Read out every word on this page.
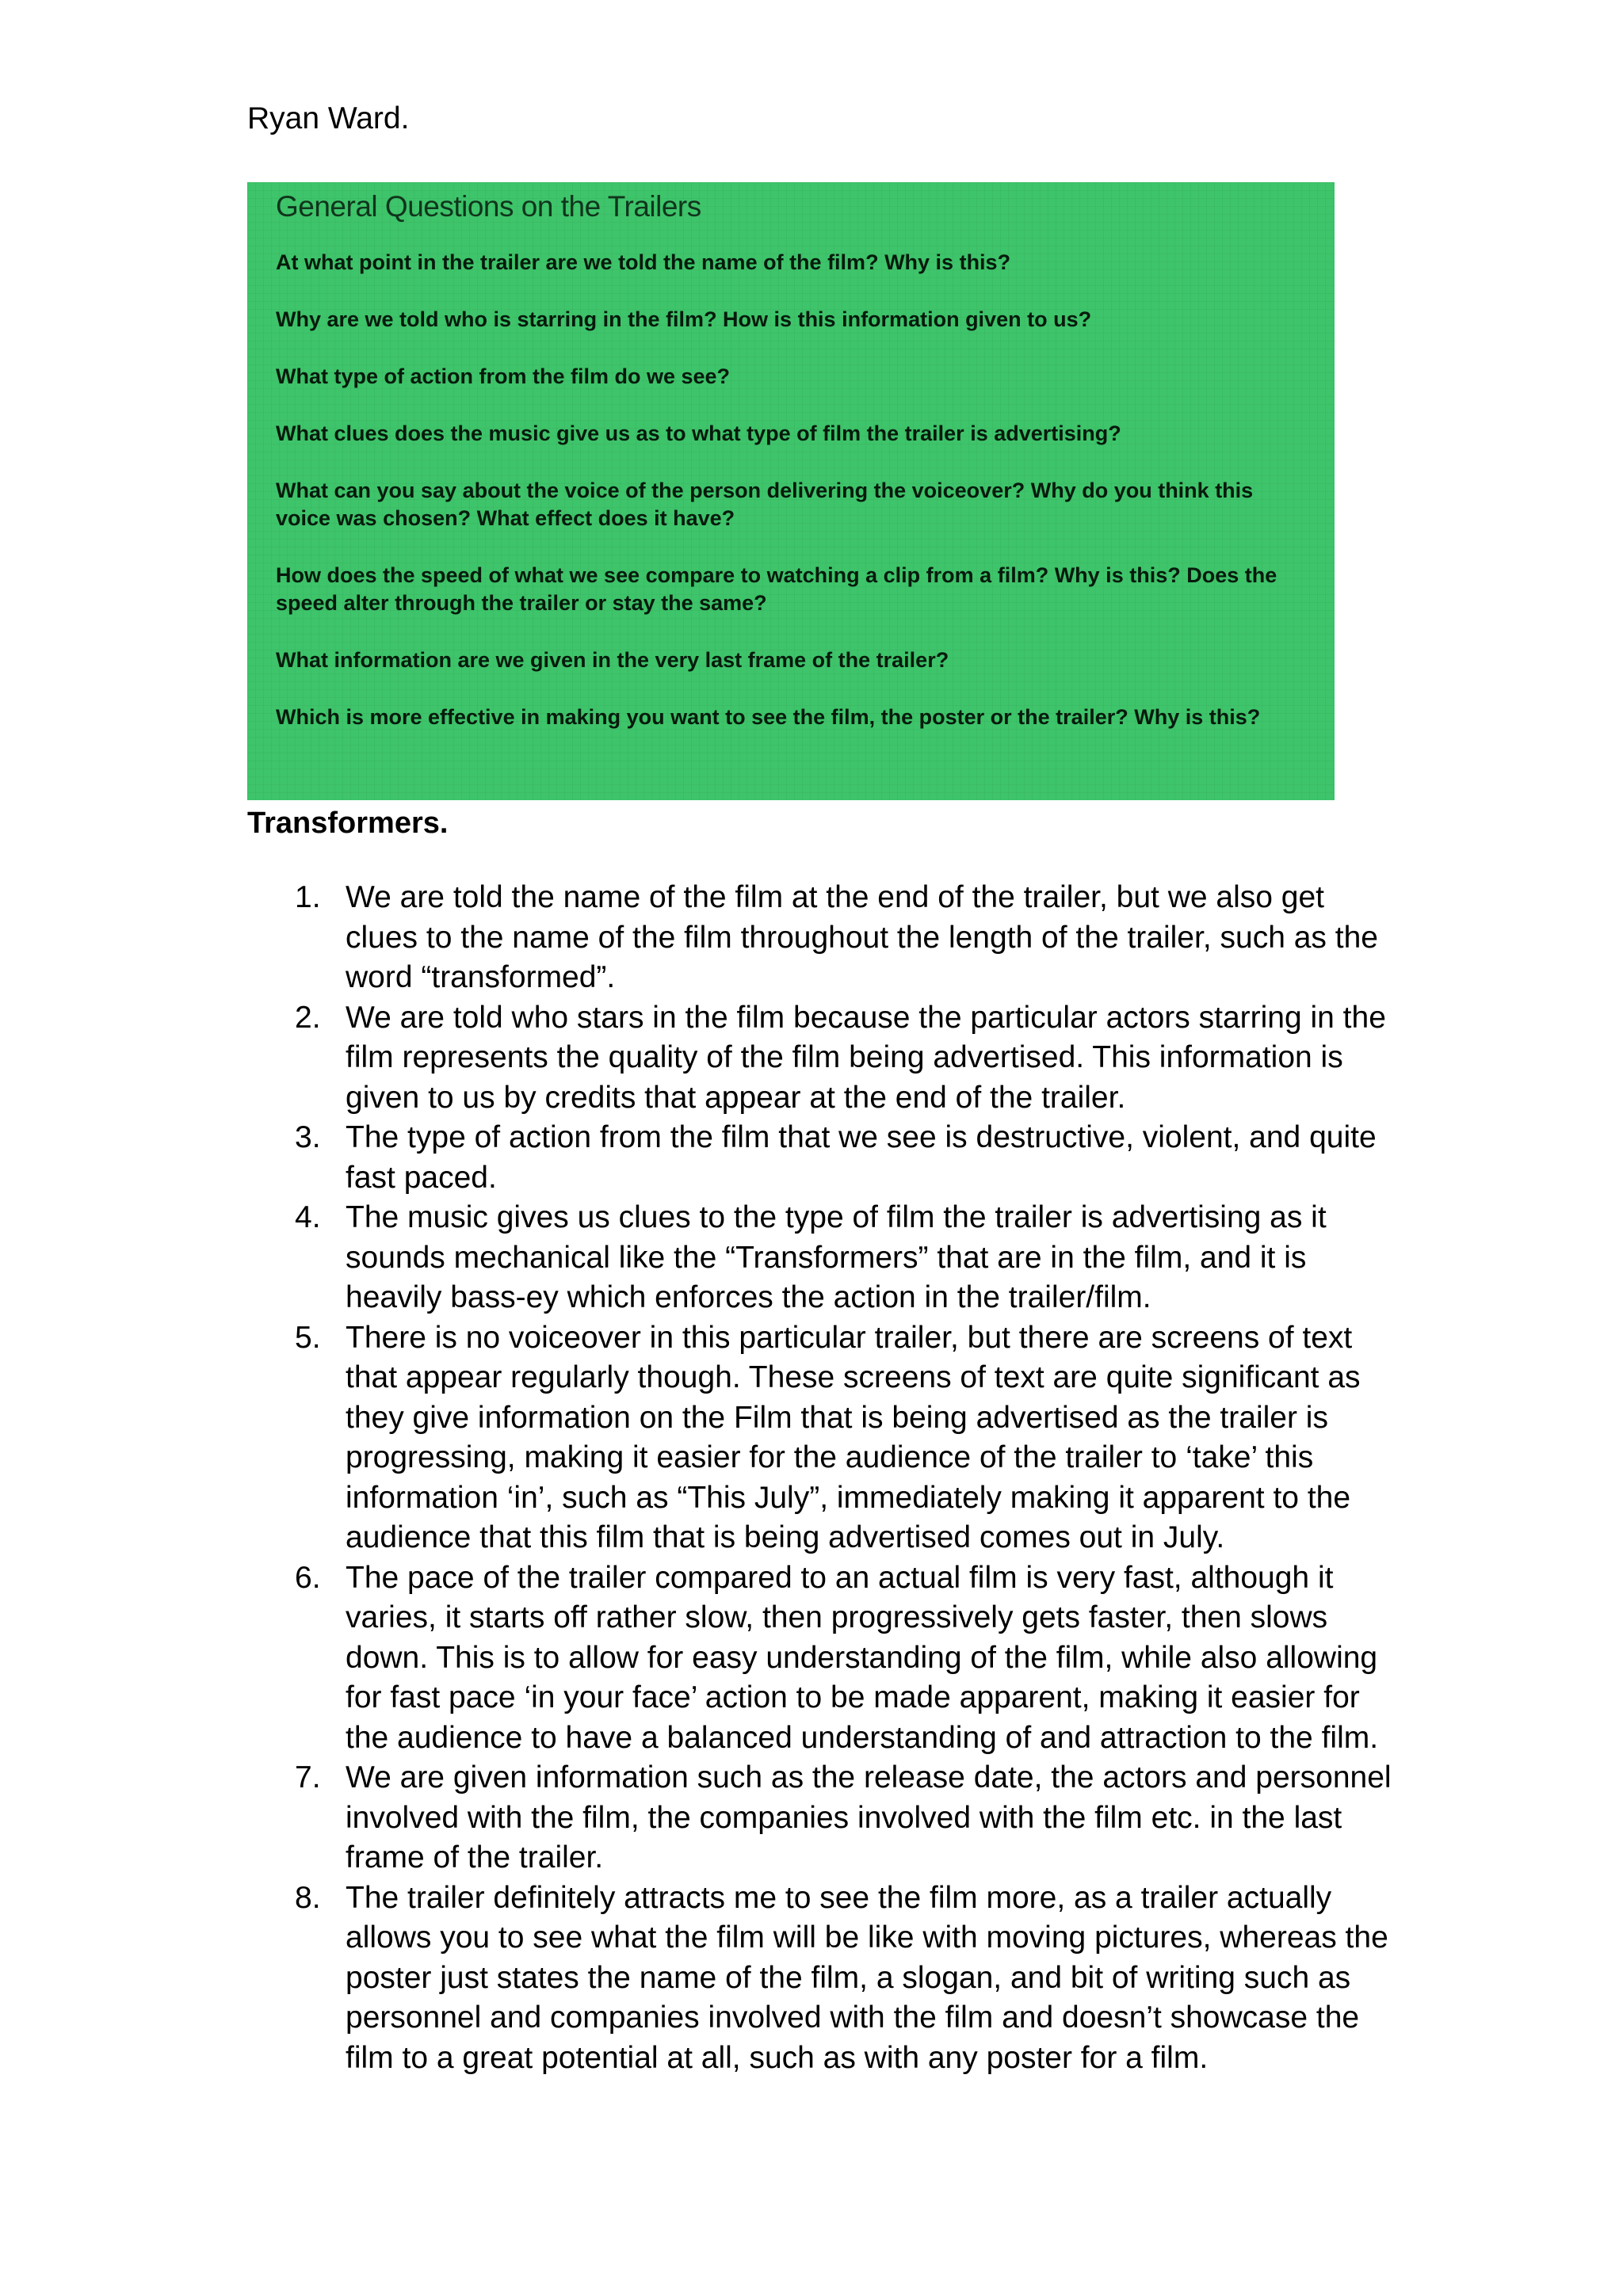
Ryan Ward.

General Questions on the Trailers
At what point in the trailer are we told the name of the film? Why is this?
Why are we told who is starring in the film? How is this information given to us?
What type of action from the film do we see?
What clues does the music give us as to what type of film the trailer is advertising?
What can you say about the voice of the person delivering the voiceover? Why do you think this voice was chosen? What effect does it have?
How does the speed of what we see compare to watching a clip from a film? Why is this? Does the speed alter through the trailer or stay the same?
What information are we given in the very last frame of the trailer?
Which is more effective in making you want to see the film, the poster or the trailer? Why is this?
Transformers.
1. We are told the name of the film at the end of the trailer, but we also get clues to the name of the film throughout the length of the trailer, such as the word “transformed”.
2. We are told who stars in the film because the particular actors starring in the film represents the quality of the film being advertised. This information is given to us by credits that appear at the end of the trailer.
3. The type of action from the film that we see is destructive, violent, and quite fast paced.
4. The music gives us clues to the type of film the trailer is advertising as it sounds mechanical like the “Transformers” that are in the film, and it is heavily bass-ey which enforces the action in the trailer/film.
5. There is no voiceover in this particular trailer, but there are screens of text that appear regularly though. These screens of text are quite significant as they give information on the Film that is being advertised as the trailer is progressing, making it easier for the audience of the trailer to ‘take’ this information ‘in’, such as “This July”, immediately making it apparent to the audience that this film that is being advertised comes out in July.
6. The pace of the trailer compared to an actual film is very fast, although it varies, it starts off rather slow, then progressively gets faster, then slows down. This is to allow for easy understanding of the film, while also allowing for fast pace ‘in your face’ action to be made apparent, making it easier for the audience to have a balanced understanding of and attraction to the film.
7. We are given information such as the release date, the actors and personnel involved with the film, the companies involved with the film etc. in the last frame of the trailer.
8. The trailer definitely attracts me to see the film more, as a trailer actually allows you to see what the film will be like with moving pictures, whereas the poster just states the name of the film, a slogan, and bit of writing such as personnel and companies involved with the film and doesn’t showcase the film to a great potential at all, such as with any poster for a film.
